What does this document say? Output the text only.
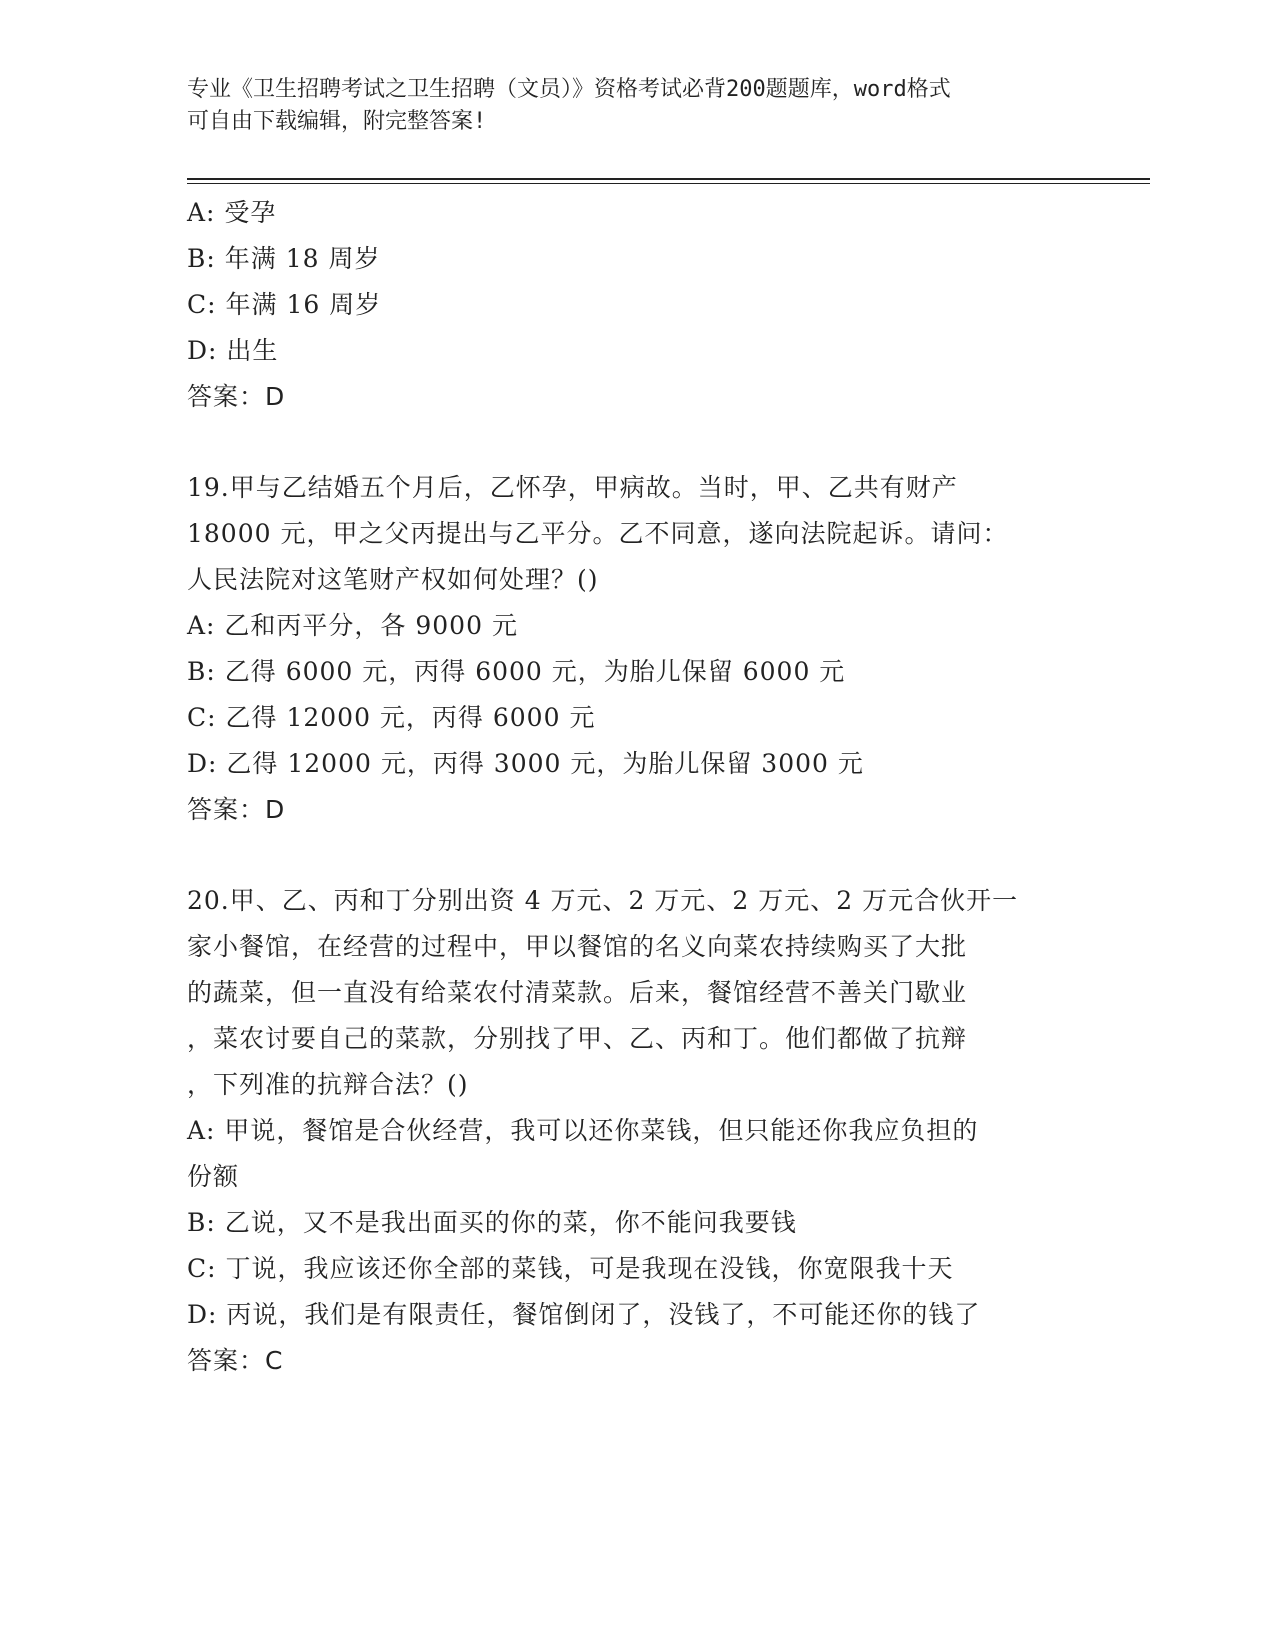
专业《卫生招聘考试之卫生招聘（文员）》资格考试必背200题题库，word格式
可自由下载编辑，附完整答案!
A: 受孕
B: 年满 18 周岁
C: 年满 16 周岁
D: 出生
答案：D
19.甲与乙结婚五个月后，乙怀孕，甲病故。当时，甲、乙共有财产
18000 元，甲之父丙提出与乙平分。乙不同意，遂向法院起诉。请问：
人民法院对这笔财产权如何处理？()
A: 乙和丙平分，各 9000 元
B: 乙得 6000 元，丙得 6000 元，为胎儿保留 6000 元
C: 乙得 12000 元，丙得 6000 元
D: 乙得 12000 元，丙得 3000 元，为胎儿保留 3000 元
答案：D
20.甲、乙、丙和丁分别出资 4 万元、2 万元、2 万元、2 万元合伙开一
家小餐馆，在经营的过程中，甲以餐馆的名义向菜农持续购买了大批
的蔬菜，但一直没有给菜农付清菜款。后来，餐馆经营不善关门歇业
，菜农讨要自己的菜款，分别找了甲、乙、丙和丁。他们都做了抗辩
，下列准的抗辩合法？()
A: 甲说，餐馆是合伙经营，我可以还你菜钱，但只能还你我应负担的
份额
B: 乙说，又不是我出面买的你的菜，你不能问我要钱
C: 丁说，我应该还你全部的菜钱，可是我现在没钱，你宽限我十天
D: 丙说，我们是有限责任，餐馆倒闭了，没钱了，不可能还你的钱了
答案：C
